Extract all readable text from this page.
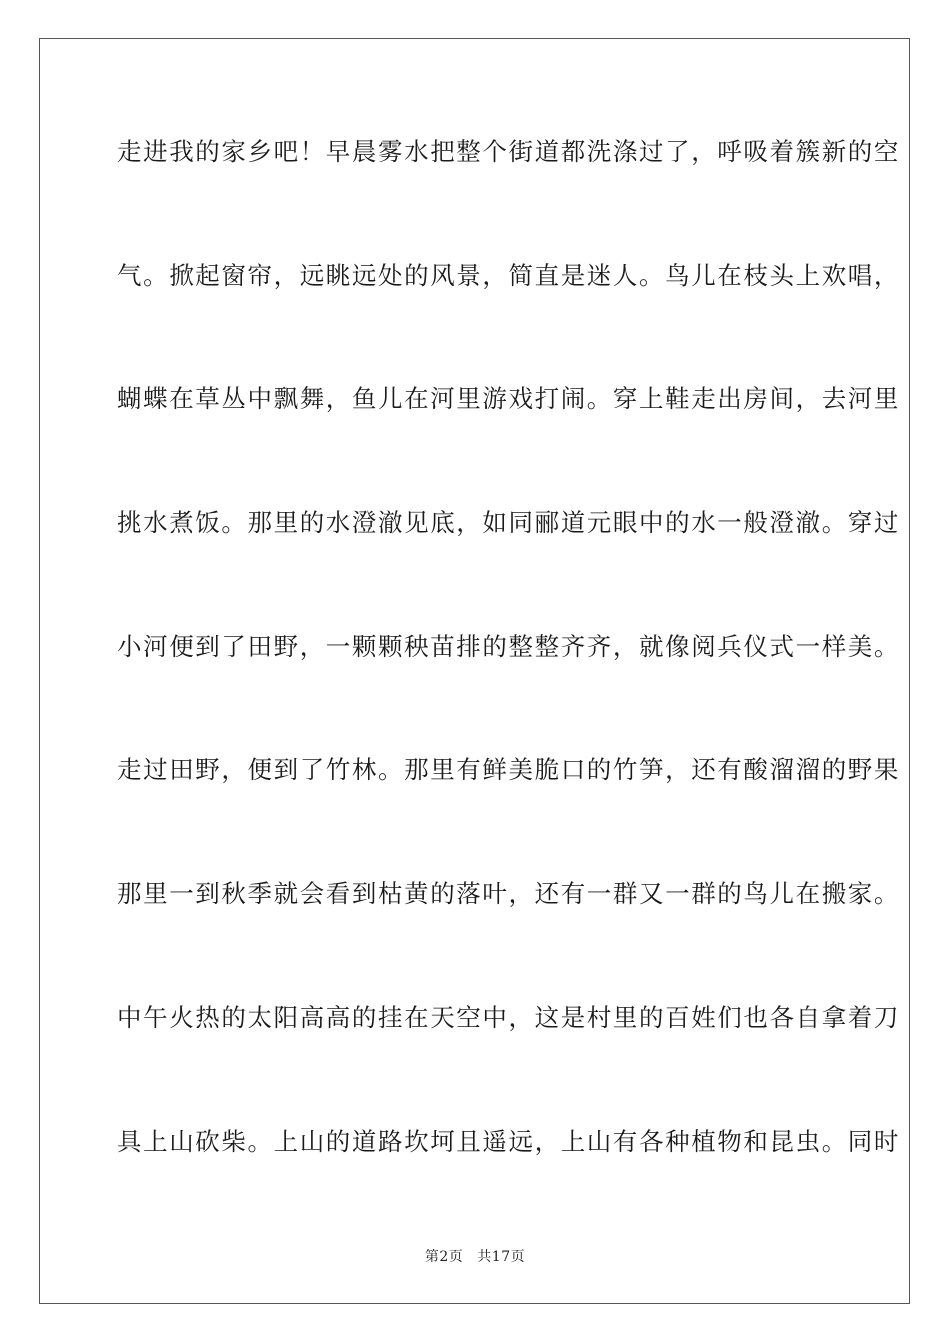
走进我的家乡吧！早晨雾水把整个街道都洗涤过了，呼吸着簇新的空

气。掀起窗帘，远眺远处的风景，简直是迷人。鸟儿在枝头上欢唱，

蝴蝶在草丛中飘舞，鱼儿在河里游戏打闹。穿上鞋走出房间，去河里

挑水煮饭。那里的水澄澈见底，如同郦道元眼中的水一般澄澈。穿过

小河便到了田野，一颗颗秧苗排的整整齐齐，就像阅兵仪式一样美。

走过田野，便到了竹林。那里有鲜美脆口的竹笋，还有酸溜溜的野果

那里一到秋季就会看到枯黄的落叶，还有一群又一群的鸟儿在搬家。

中午火热的太阳高高的挂在天空中，这是村里的百姓们也各自拿着刀

具上山砍柴。上山的道路坎坷且遥远，上山有各种植物和昆虫。同时

第2页 共17页
